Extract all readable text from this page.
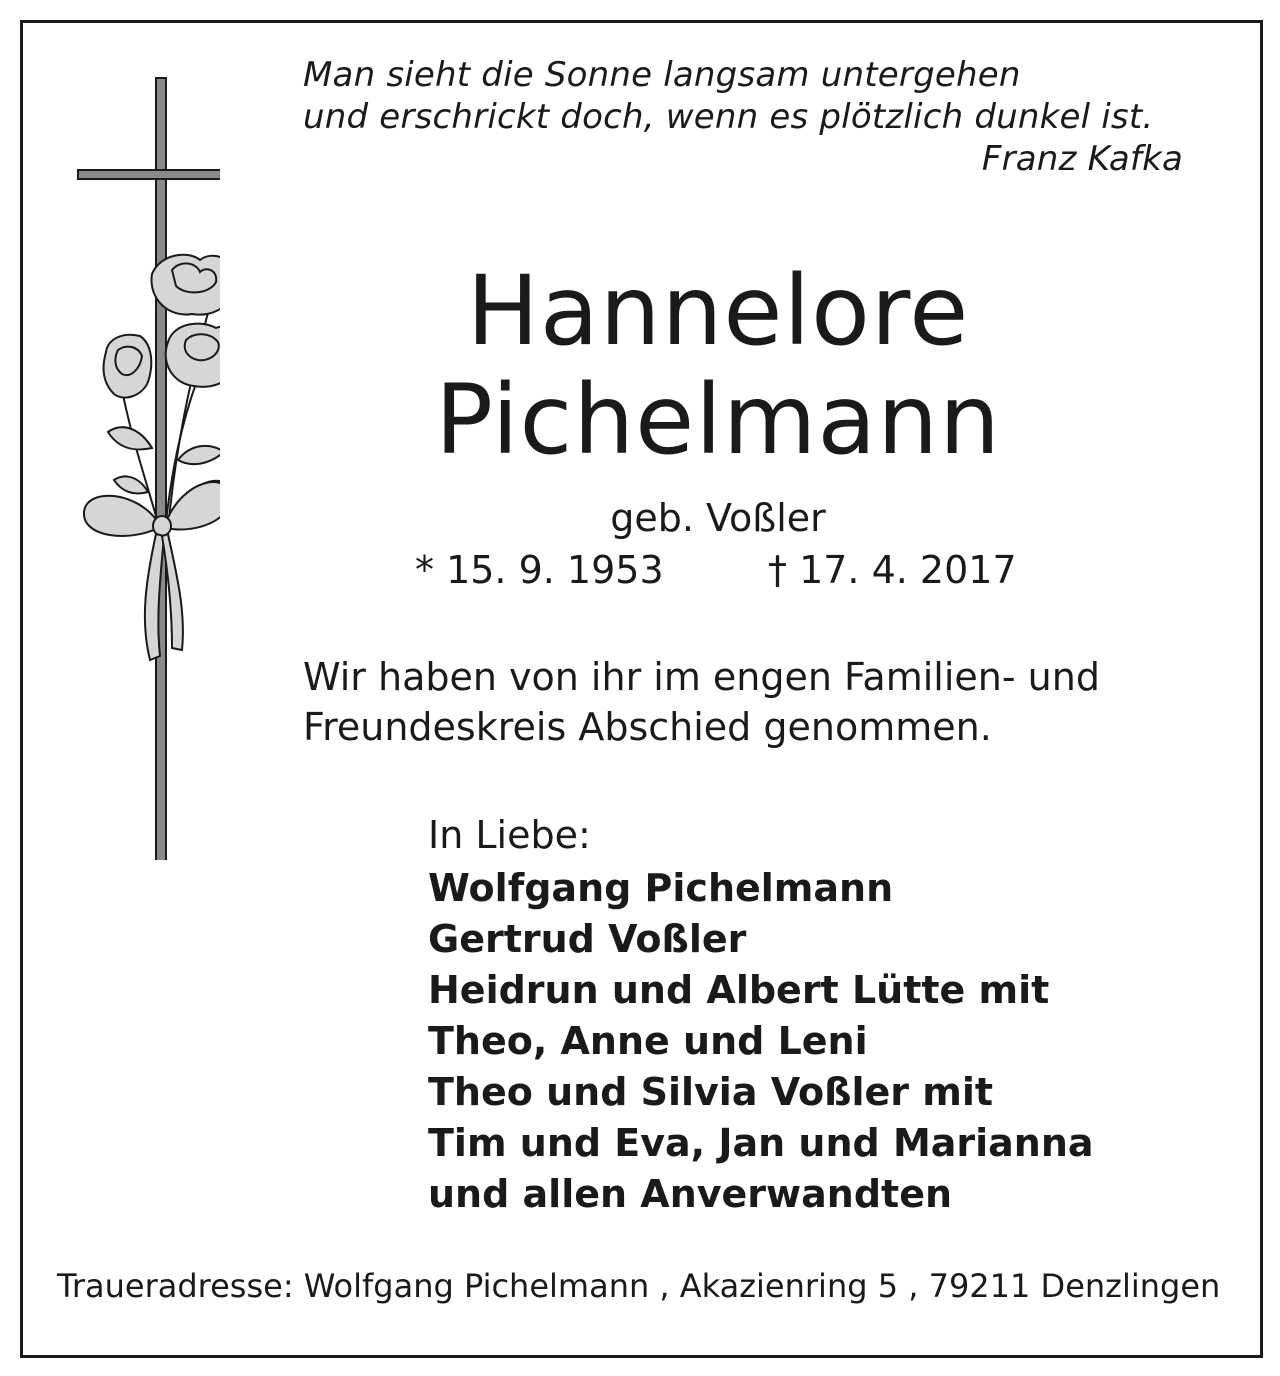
Man sieht die Sonne langsam untergehen
und erschrickt doch, wenn es plötzlich dunkel ist.
Franz Kafka
Hannelore
Pichelmann
geb. Voßler
* 15. 9. 1953	† 17. 4. 2017
Wir haben von ihr im engen Familien- und
Freundeskreis Abschied genommen.
In Liebe:
Wolfgang Pichelmann
Gertrud Voßler
Heidrun und Albert Lütte mit
Theo, Anne und Leni
Theo und Silvia Voßler mit
Tim und Eva, Jan und Marianna
und allen Anverwandten
Traueradresse: Wolfgang Pichelmann , Akazienring 5 , 79211 Denzlingen
